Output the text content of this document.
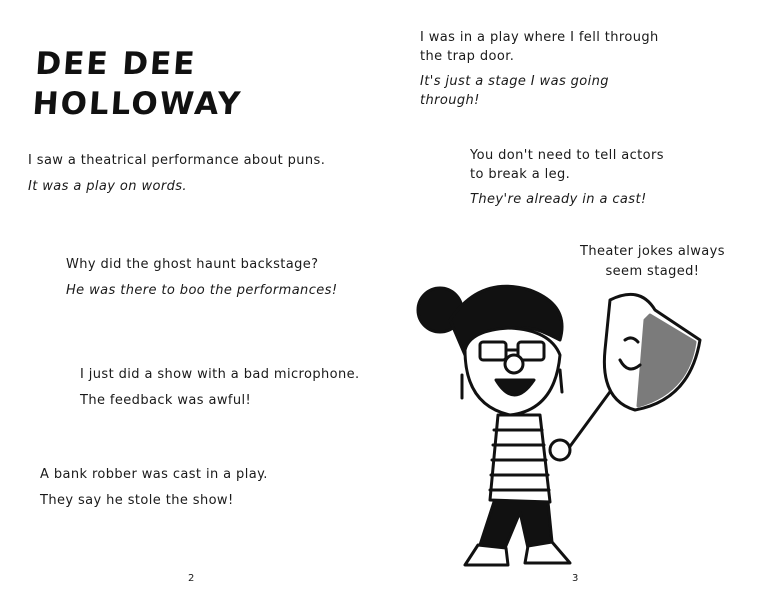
DEE DEE
HOLLOWAY

I saw a theatrical performance about puns.

It was a play on words.

Why did the ghost haunt backstage?

He was there to boo the performances!

I just did a show with a bad microphone.

The feedback was awful!

A bank robber was cast in a play.

They say he stole the show!

2

I was in a play where I fell through

the trap door.

It's just a stage I was going

through!

You don't need to tell actors

to break a leg.

They're already in a cast!

Theater jokes always
seem staged!
3
